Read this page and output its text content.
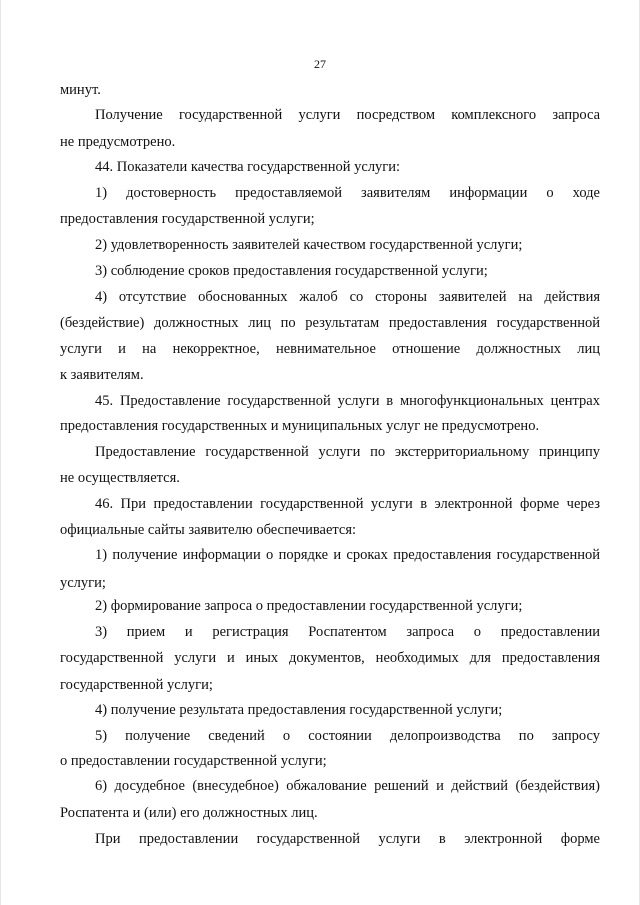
27
минут.
Получение государственной услуги посредством комплексного запроса
не предусмотрено.
44. Показатели качества государственной услуги:
1) достоверность предоставляемой заявителям информации о ходе
предоставления государственной услуги;
2) удовлетворенность заявителей качеством государственной услуги;
3) соблюдение сроков предоставления государственной услуги;
4) отсутствие обоснованных жалоб со стороны заявителей на действия
(бездействие) должностных лиц по результатам предоставления государственной
услуги и на некорректное, невнимательное отношение должностных лиц
к заявителям.
45. Предоставление государственной услуги в многофункциональных центрах
предоставления государственных и муниципальных услуг не предусмотрено.
Предоставление государственной услуги по экстерриториальному принципу
не осуществляется.
46. При предоставлении государственной услуги в электронной форме через
официальные сайты заявителю обеспечивается:
1) получение информации о порядке и сроках предоставления государственной
услуги;
2) формирование запроса о предоставлении государственной услуги;
3) прием и регистрация Роспатентом запроса о предоставлении
государственной услуги и иных документов, необходимых для предоставления
государственной услуги;
4) получение результата предоставления государственной услуги;
5) получение сведений о состоянии делопроизводства по запросу
о предоставлении государственной услуги;
6) досудебное (внесудебное) обжалование решений и действий (бездействия)
Роспатента и (или) его должностных лиц.
При предоставлении государственной услуги в электронной форме
